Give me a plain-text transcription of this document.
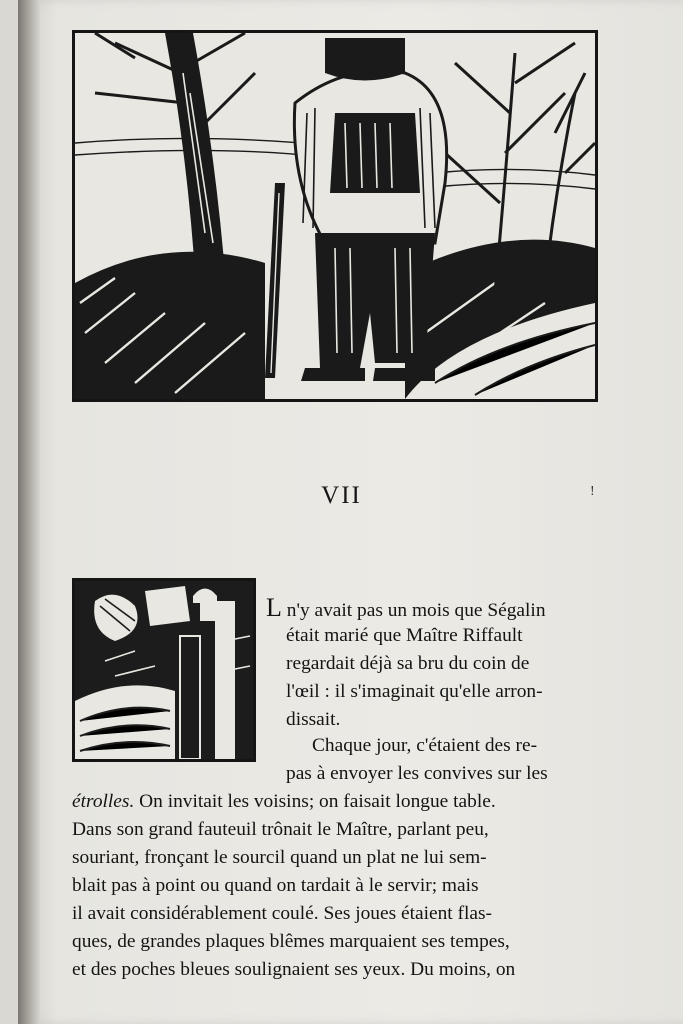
VII	!
L n'y avait pas un mois que Ségalin
était marié que Maître Riffault
regardait déjà sa bru du coin de
l'œil : il s'imaginait qu'elle arron-
dissait.
Chaque jour, c'étaient des re-
pas à envoyer les convives sur les
étrolles. On invitait les voisins; on faisait longue table.
Dans son grand fauteuil trônait le Maître, parlant peu,
souriant, fronçant le sourcil quand un plat ne lui sem-
blait pas à point ou quand on tardait à le servir; mais
il avait considérablement coulé. Ses joues étaient flas-
ques, de grandes plaques blêmes marquaient ses tempes,
et des poches bleues soulignaient ses yeux. Du moins, on
